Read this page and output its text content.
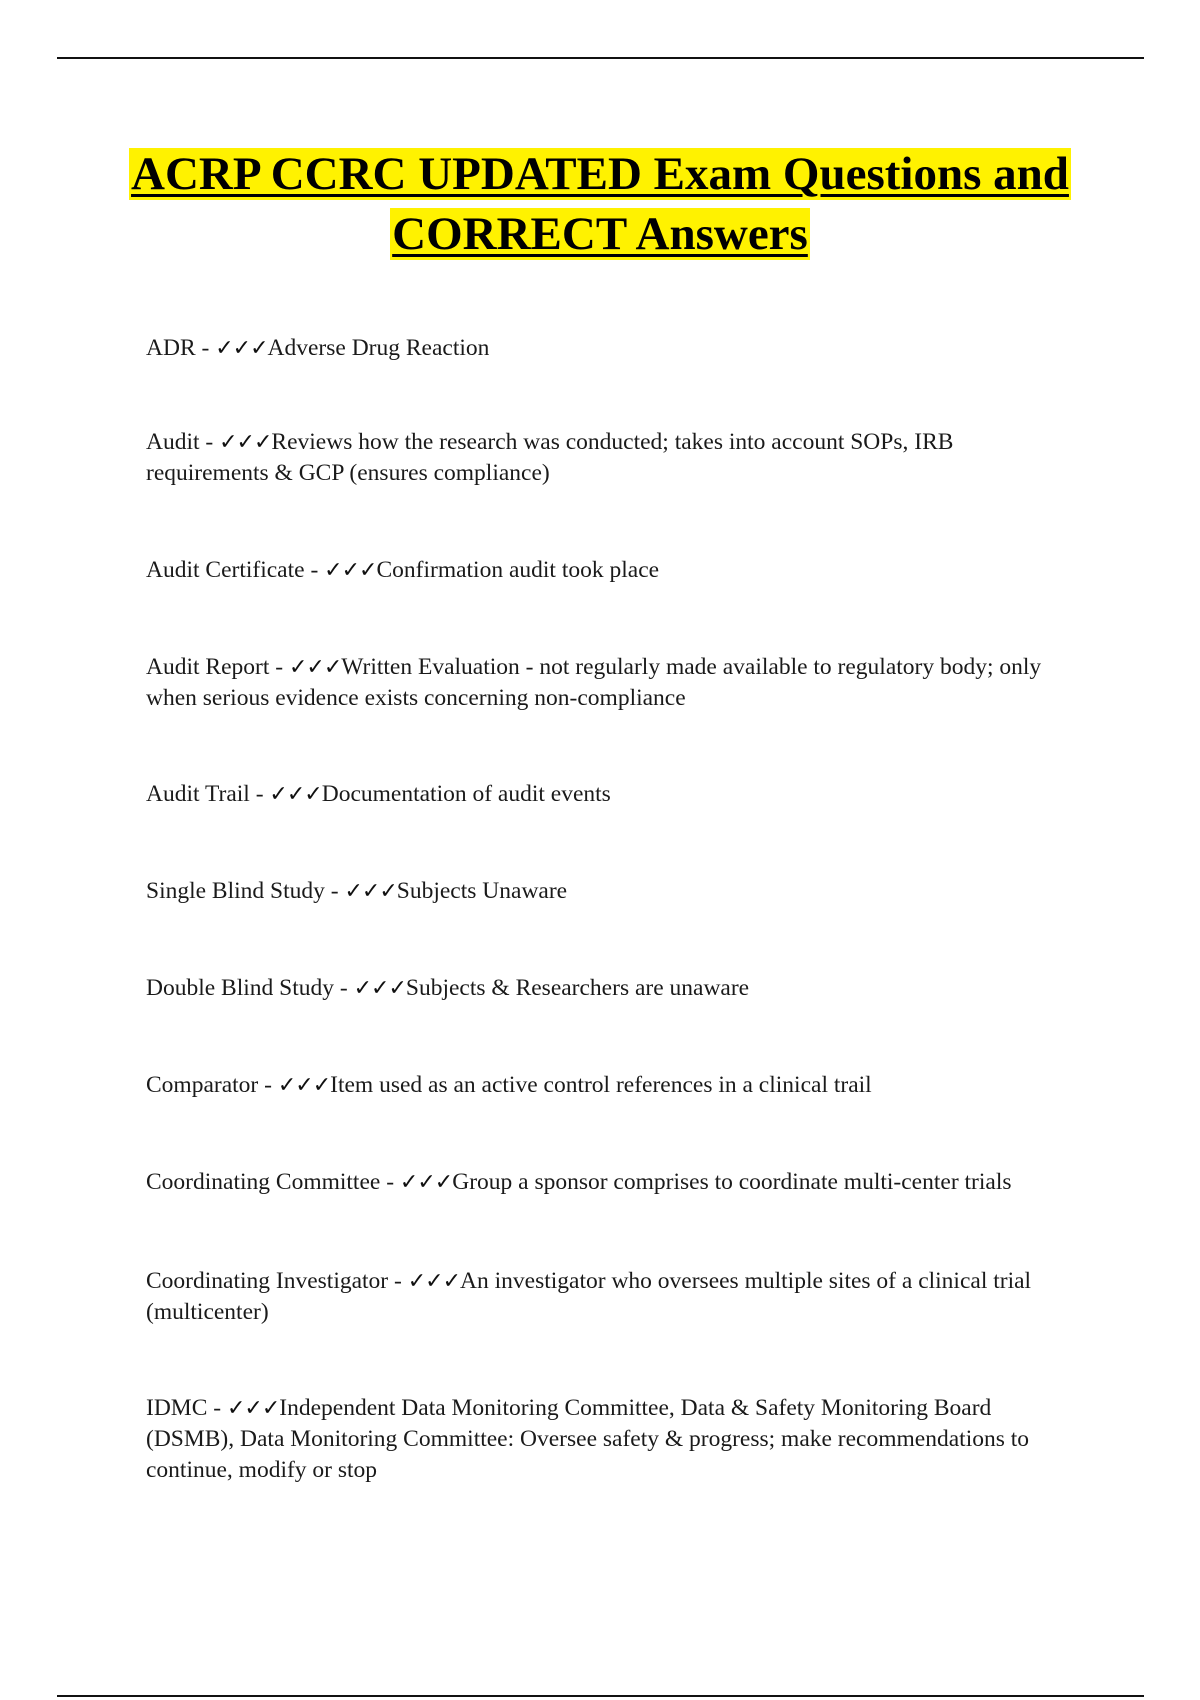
ACRP CCRC UPDATED Exam Questions and CORRECT Answers

ADR - ✓✓✓Adverse Drug Reaction

Audit - ✓✓✓Reviews how the research was conducted; takes into account SOPs, IRB requirements & GCP (ensures compliance)

Audit Certificate - ✓✓✓Confirmation audit took place

Audit Report - ✓✓✓Written Evaluation - not regularly made available to regulatory body; only when serious evidence exists concerning non-compliance

Audit Trail - ✓✓✓Documentation of audit events

Single Blind Study - ✓✓✓Subjects Unaware

Double Blind Study - ✓✓✓Subjects & Researchers are unaware

Comparator - ✓✓✓Item used as an active control references in a clinical trail

Coordinating Committee - ✓✓✓Group a sponsor comprises to coordinate multi-center trials

Coordinating Investigator - ✓✓✓An investigator who oversees multiple sites of a clinical trial (multicenter)

IDMC - ✓✓✓Independent Data Monitoring Committee, Data & Safety Monitoring Board (DSMB), Data Monitoring Committee: Oversee safety & progress; make recommendations to continue, modify or stop
